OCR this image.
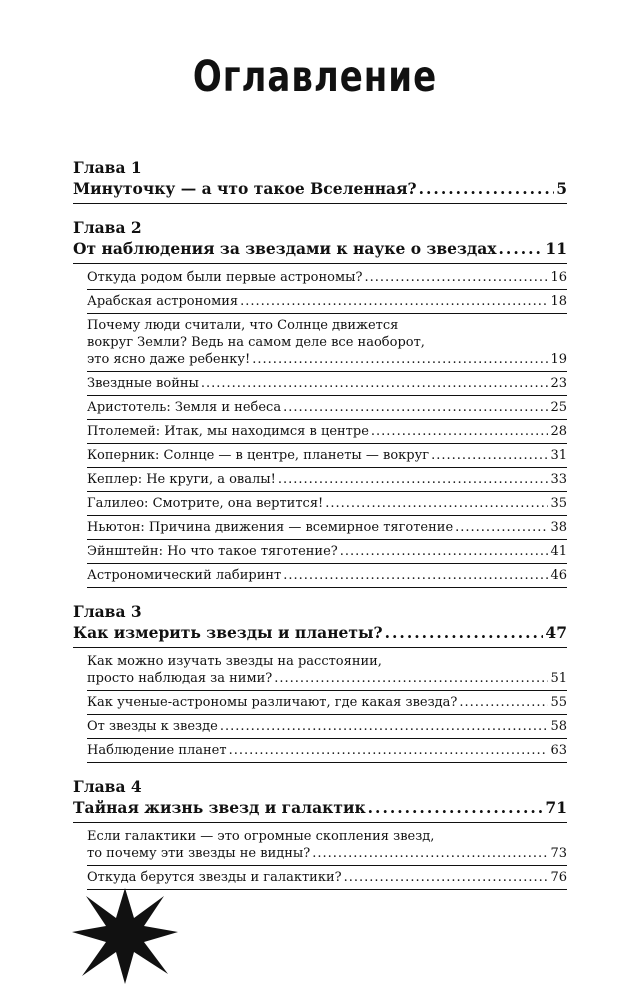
Оглавление
Глава 1
Минуточку — а что такое Вселенная? .....	5
Глава 2
От наблюдения за звездами к науке о звездах .....	11
Откуда родом были первые астрономы? .....	16
Арабская астрономия .....	18
Почему люди считали, что Солнце движется
вокруг Земли? Ведь на самом деле все наоборот,
это ясно даже ребенку! .....	19
Звездные войны .....	23
Аристотель: Земля и небеса .....	25
Птолемей: Итак, мы находимся в центре .....	28
Коперник: Солнце — в центре, планеты — вокруг .....	31
Кеплер: Не круги, а овалы! .....	33
Галилео: Смотрите, она вертится! .....	35
Ньютон: Причина движения — всемирное тяготение .....	38
Эйнштейн: Но что такое тяготение? .....	41
Астрономический лабиринт .....	46
Глава 3
Как измерить звезды и планеты? .....	47
Как можно изучать звезды на расстоянии,
просто наблюдая за ними? .....	51
Как ученые-астрономы различают, где какая звезда? .....	55
От звезды к звезде .....	58
Наблюдение планет .....	63
Глава 4
Тайная жизнь звезд и галактик .....	71
Если галактики — это огромные скопления звезд,
то почему эти звезды не видны? .....	73
Откуда берутся звезды и галактики? .....	76
254
